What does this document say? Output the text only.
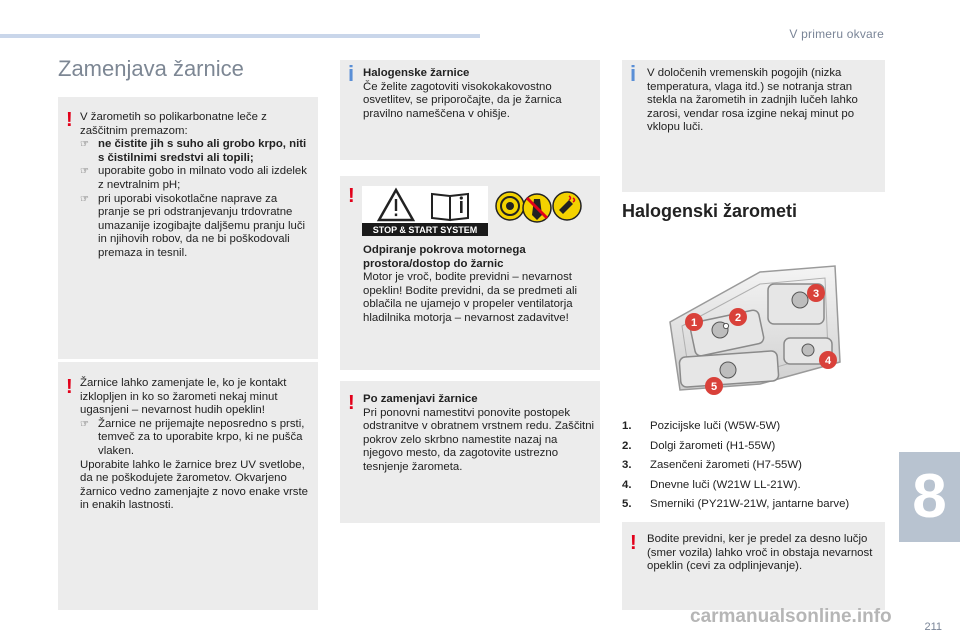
V primeru okvare
Zamenjava žarnice
! V žarometih so polikarbonatne leče z zaščitnim premazom:

☞ ne čistite jih s suho ali grobo krpo, niti s čistilnimi sredstvi ali topili;
☞ uporabite gobo in milnato vodo ali izdelek z nevtralnim pH;
☞ pri uporabi visokotlačne naprave za pranje se pri odstranjevanju trdovratne umazanije izogibajte daljšemu pranju luči in njihovih robov, da ne bi poškodovali premaza in tesnil.
! Žarnice lahko zamenjate le, ko je kontakt izklopljen in ko so žarometi nekaj minut ugasnjeni – nevarnost hudih opeklin!

☞ Žarnice ne prijemajte neposredno s prsti, temveč za to uporabite krpo, ki ne pušča vlaken.

Uporabite lahko le žarnice brez UV svetlobe, da ne poškodujete žarometov. Okvarjeno žarnico vedno zamenjajte z novo enake vrste in enakih lastnosti.

i Halogenske žarnice

Če želite zagotoviti visokokakovostno osvetlitev, se priporočajte, da je žarnica pravilno nameščena v ohišje.

!
STOP & START SYSTEM

Odpiranje pokrova motornega prostora/dostop do žarnic

Motor je vroč, bodite previdni – nevarnost opeklin! Bodite previdni, da se predmeti ali oblačila ne ujamejo v propeler ventilatorja hladilnika motorja – nevarnost zadavitve!

! Po zamenjavi žarnice

Pri ponovni namestitvi ponovite postopek odstranitve v obratnem vrstnem redu. Zaščitni pokrov zelo skrbno namestite nazaj na njegovo mesto, da zagotovite ustrezno tesnjenje žarometa.

i V določenih vremenskih pogojih (nizka temperatura, vlaga itd.) se notranja stran stekla na žarometih in zadnjih lučeh lahko zarosi, vendar rosa izgine nekaj minut po vklopu luči.

Halogenski žarometi
1	2
3
4
5
1. Pozicijske luči (W5W-5W)
2. Dolgi žarometi (H1-55W)
3. Zasenčeni žarometi (H7-55W)
4. Dnevne luči (W21W LL-21W).
5. Smerniki (PY21W-21W, jantarne barve)
! Bodite previdni, ker je predel za desno lučjo (smer vozila) lahko vroč in obstaja nevarnost opeklin (cevi za odplinjevanje).

8
carmanualsonline.info	211
